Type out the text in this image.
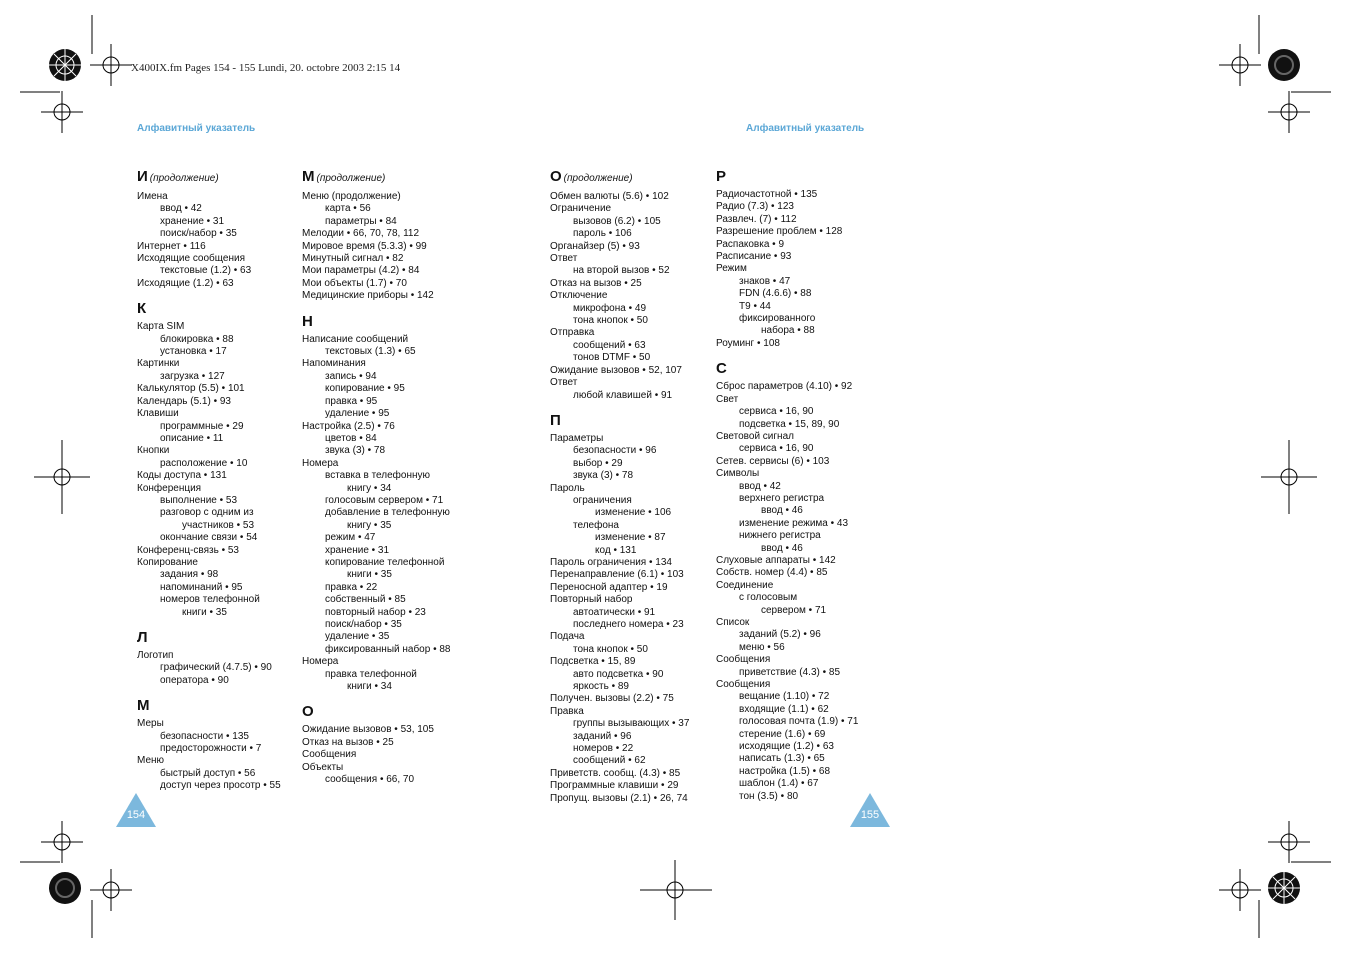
X400IX.fm Pages 154 - 155 Lundi, 20. octobre 2003 2:15 14
Алфавитный указатель	Алфавитный указатель
И (продолжение)
Имена
ввод • 42
хранение • 31
поиск/набор • 35
Интернет • 116
Исходящие сообщения
текстовые (1.2) • 63
Исходящие (1.2) • 63
К
Карта SIM
блокировка • 88
установка • 17
Картинки
загрузка • 127
Калькулятор (5.5) • 101
Календарь (5.1) • 93
Клавиши
программные • 29
описание • 11
Кнопки
расположение • 10
Коды доступа • 131
Конференция
выполнение • 53
разговор с одним из
участников • 53
окончание связи • 54
Конференц-связь • 53
Копирование
задания • 98
напоминаний • 95
номеров телефонной
книги • 35
Л
Логотип
графический (4.7.5) • 90
оператора • 90
М
Меры
безопасности • 135
предосторожности • 7
Меню
быстрый доступ • 56
доступ через просотр • 55
М (продолжение)
Меню (продолжение)
карта • 56
параметры • 84
Мелодии • 66, 70, 78, 112
Мировое время (5.3.3) • 99
Минутный сигнал • 82
Мои параметры (4.2) • 84
Мои объекты (1.7) • 70
Медицинские приборы • 142
Н
Написание сообщений
текстовых (1.3) • 65
Напоминания
запись • 94
копирование • 95
правка • 95
удаление • 95
Настройка (2.5) • 76
цветов • 84
звука (3) • 78
Номера
вставка в телефонную
книгу • 34
голосовым сервером • 71
добавление в телефонную
книгу • 35
режим • 47
хранение • 31
копирование телефонной
книги • 35
правка • 22
собственный • 85
повторный набор • 23
поиск/набор • 35
удаление • 35
фиксированный набор • 88
Номера
правка телефонной
книги • 34
О
Ожидание вызовов • 53, 105
Отказ на вызов • 25
Сообщения
Объекты
сообщения • 66, 70
О (продолжение)
Обмен валюты (5.6) • 102
Ограничение
вызовов (6.2) • 105
пароль • 106
Органайзер (5) • 93
Ответ
на второй вызов • 52
Отказ на вызов • 25
Отключение
микрофона • 49
тона кнопок • 50
Отправка
сообщений • 63
тонов DTMF • 50
Ожидание вызовов • 52, 107
Ответ
любой клавишей • 91
П
Параметры
безопасности • 96
выбор • 29
звука (3) • 78
Пароль
ограничения
изменение • 106
телефона
изменение • 87
код • 131
Пароль ограничения • 134
Перенаправление (6.1) • 103
Переносной адаптер • 19
Повторный набор
автоатически • 91
последнего номера • 23
Подача
тона кнопок • 50
Подсветка • 15, 89
авто подсветка • 90
яркость • 89
Получен. вызовы (2.2) • 75
Правка
группы вызывающих • 37
заданий • 96
номеров • 22
сообщений • 62
Приветств. сообщ. (4.3) • 85
Программные клавиши • 29
Пропущ. вызовы (2.1) • 26, 74
Р
Радиочастотной • 135
Радио (7.3) • 123
Развлеч. (7) • 112
Разрешение проблем • 128
Распаковка • 9
Расписание • 93
Режим
знаков • 47
FDN (4.6.6) • 88
T9 • 44
фиксированного
набора • 88
Роуминг • 108
С
Сброс параметров (4.10) • 92
Свет
сервиса • 16, 90
подсветка • 15, 89, 90
Световой сигнал
сервиса • 16, 90
Сетев. сервисы (6) • 103
Символы
ввод • 42
верхнего регистра
ввод • 46
изменение режима • 43
нижнего регистра
ввод • 46
Слуховые аппараты • 142
Собств. номер (4.4) • 85
Соединение
с голосовым
сервером • 71
Список
заданий (5.2) • 96
меню • 56
Сообщения
приветствие (4.3) • 85
Сообщения
вещание (1.10) • 72
входящие (1.1) • 62
голосовая почта (1.9) • 71
стерение (1.6) • 69
исходящие (1.2) • 63
написать (1.3) • 65
настройка (1.5) • 68
шаблон (1.4) • 67
тон (3.5) • 80
154	155
